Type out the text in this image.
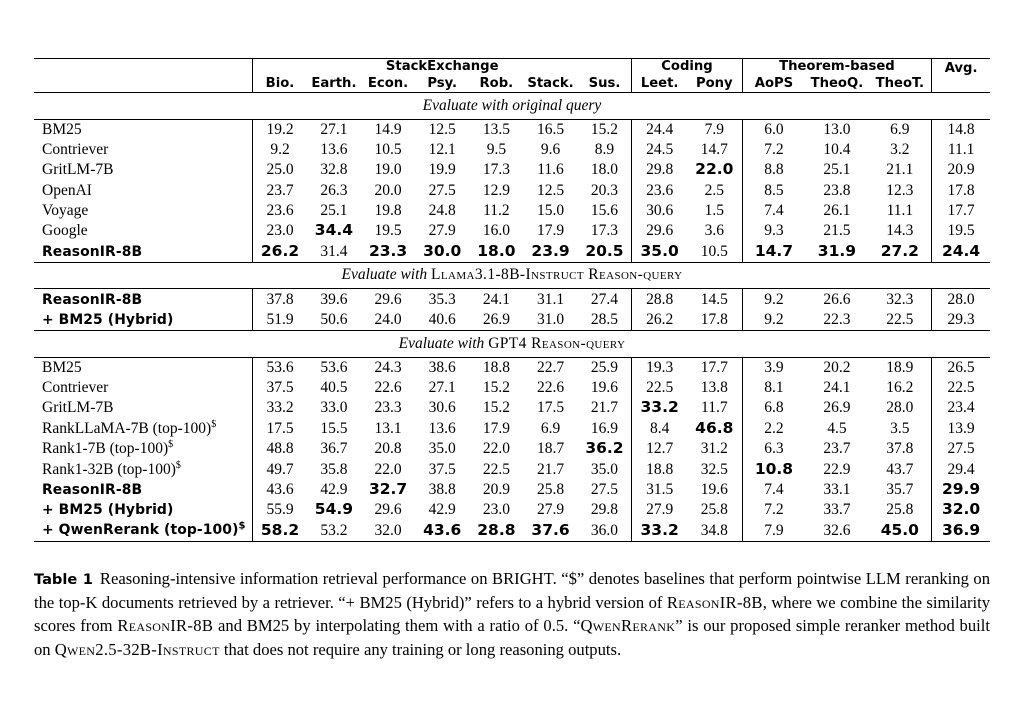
	StackExchange							Coding		Theorem-based			Avg.
	Bio.	Earth.	Econ.	Psy.	Rob.	Stack.	Sus.	Leet.	Pony	AoPS	TheoQ.	TheoT.	
Evaluate with original query													
BM25	19.2	27.1	14.9	12.5	13.5	16.5	15.2	24.4	7.9	6.0	13.0	6.9	14.8
Contriever	9.2	13.6	10.5	12.1	9.5	9.6	8.9	24.5	14.7	7.2	10.4	3.2	11.1
GritLM-7B	25.0	32.8	19.0	19.9	17.3	11.6	18.0	29.8	22.0	8.8	25.1	21.1	20.9
OpenAI	23.7	26.3	20.0	27.5	12.9	12.5	20.3	23.6	2.5	8.5	23.8	12.3	17.8
Voyage	23.6	25.1	19.8	24.8	11.2	15.0	15.6	30.6	1.5	7.4	26.1	11.1	17.7
Google	23.0	34.4	19.5	27.9	16.0	17.9	17.3	29.6	3.6	9.3	21.5	14.3	19.5
ReasonIR-8B	26.2	31.4	23.3	30.0	18.0	23.9	20.5	35.0	10.5	14.7	31.9	27.2	24.4
Evaluate with Llama3.1-8B-Instruct Reason-query													
ReasonIR-8B	37.8	39.6	29.6	35.3	24.1	31.1	27.4	28.8	14.5	9.2	26.6	32.3	28.0
+ BM25 (Hybrid)	51.9	50.6	24.0	40.6	26.9	31.0	28.5	26.2	17.8	9.2	22.3	22.5	29.3
Evaluate with GPT4 Reason-query													
BM25	53.6	53.6	24.3	38.6	18.8	22.7	25.9	19.3	17.7	3.9	20.2	18.9	26.5
Contriever	37.5	40.5	22.6	27.1	15.2	22.6	19.6	22.5	13.8	8.1	24.1	16.2	22.5
GritLM-7B	33.2	33.0	23.3	30.6	15.2	17.5	21.7	33.2	11.7	6.8	26.9	28.0	23.4
RankLLaMA-7B (top-100)$	17.5	15.5	13.1	13.6	17.9	6.9	16.9	8.4	46.8	2.2	4.5	3.5	13.9
Rank1-7B (top-100)$	48.8	36.7	20.8	35.0	22.0	18.7	36.2	12.7	31.2	6.3	23.7	37.8	27.5
Rank1-32B (top-100)$	49.7	35.8	22.0	37.5	22.5	21.7	35.0	18.8	32.5	10.8	22.9	43.7	29.4
ReasonIR-8B	43.6	42.9	32.7	38.8	20.9	25.8	27.5	31.5	19.6	7.4	33.1	35.7	29.9
+ BM25 (Hybrid)	55.9	54.9	29.6	42.9	23.0	27.9	29.8	27.9	25.8	7.2	33.7	25.8	32.0
+ QwenRerank (top-100)$	58.2	53.2	32.0	43.6	28.8	37.6	36.0	33.2	34.8	7.9	32.6	45.0	36.9

Table 1 Reasoning-intensive information retrieval performance on BRIGHT. “$” denotes baselines that perform pointwise LLM reranking on the top-K documents retrieved by a retriever. “+ BM25 (Hybrid)” refers to a hybrid version of ReasonIR-8B, where we combine the similarity scores from ReasonIR-8B and BM25 by interpolating them with a ratio of 0.5. “QwenRerank” is our proposed simple reranker method built on Qwen2.5-32B-Instruct that does not require any training or long reasoning outputs.
